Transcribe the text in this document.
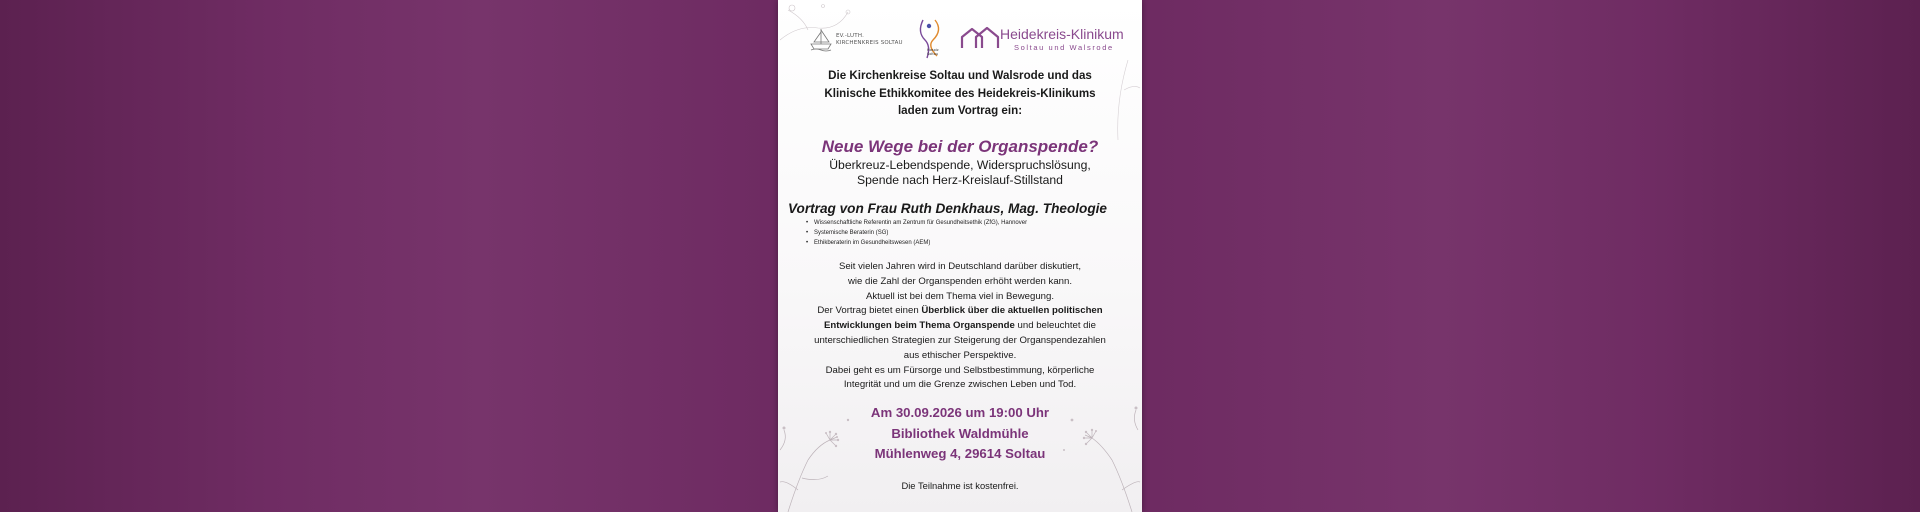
EV.-LUTH.
KIRCHENKREIS SOLTAU
Hospiz
Soltau
Heidekreis-Klinikum
Soltau und Walsrode
Die Kirchenkreise Soltau und Walsrode und das
Klinische Ethikkomitee des Heidekreis-Klinikums
laden zum Vortrag ein:
Neue Wege bei der Organspende?
Überkreuz-Lebendspende, Widerspruchslösung,
Spende nach Herz-Kreislauf-Stillstand
Vortrag von Frau Ruth Denkhaus, Mag. Theologie
• Wissenschaftliche Referentin am Zentrum für Gesundheitsethik (ZfG), Hannover
• Systemische Beraterin (SG)
• Ethikberaterin im Gesundheitswesen (AEM)
Seit vielen Jahren wird in Deutschland darüber diskutiert,
wie die Zahl der Organspenden erhöht werden kann.
Aktuell ist bei dem Thema viel in Bewegung.
Der Vortrag bietet einen Überblick über die aktuellen politischen
Entwicklungen beim Thema Organspende und beleuchtet die
unterschiedlichen Strategien zur Steigerung der Organspendezahlen
aus ethischer Perspektive.
Dabei geht es um Fürsorge und Selbstbestimmung, körperliche
Integrität und um die Grenze zwischen Leben und Tod.
Am 30.09.2026 um 19:00 Uhr
Bibliothek Waldmühle
Mühlenweg 4, 29614 Soltau
Die Teilnahme ist kostenfrei.
